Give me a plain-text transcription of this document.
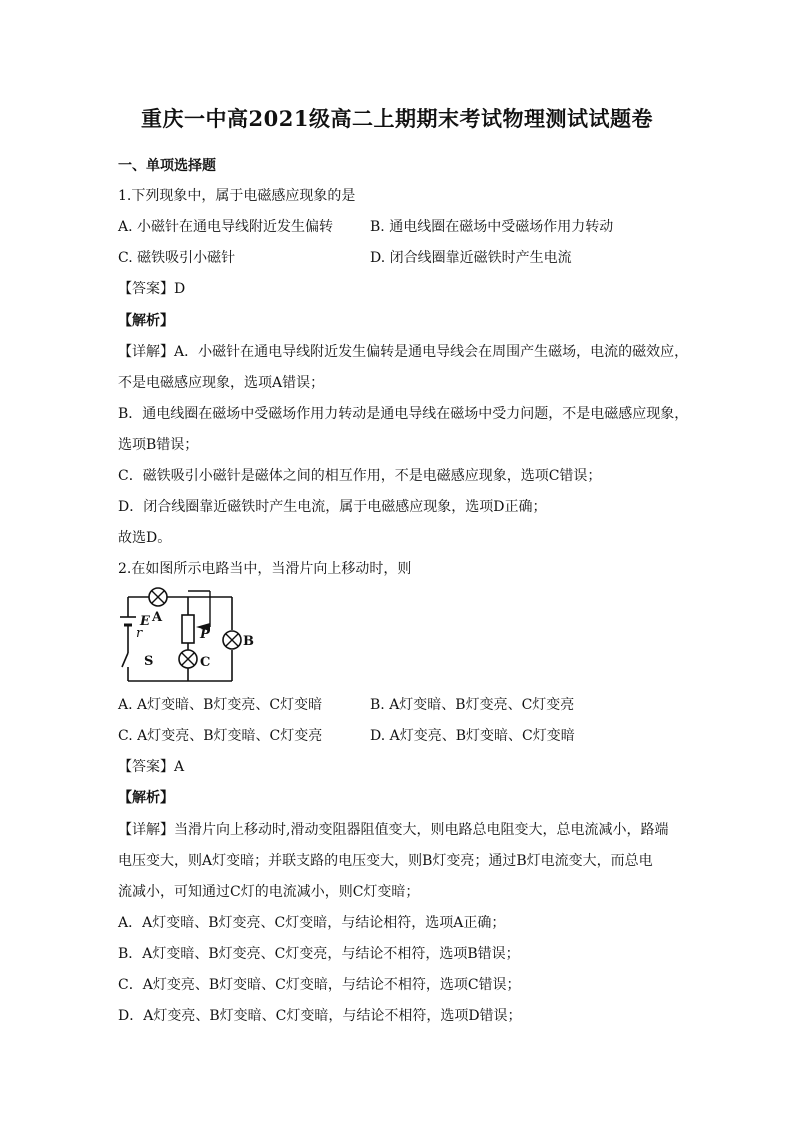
重庆一中高2021级高二上期期末考试物理测试试题卷
一、单项选择题
1.下列现象中，属于电磁感应现象的是
A. 小磁针在通电导线附近发生偏转	B. 通电线圈在磁场中受磁场作用力转动
C. 磁铁吸引小磁针	D. 闭合线圈靠近磁铁时产生电流
【答案】D
【解析】
【详解】A．小磁针在通电导线附近发生偏转是通电导线会在周围产生磁场，电流的磁效应，
不是电磁感应现象，选项A错误；
B．通电线圈在磁场中受磁场作用力转动是通电导线在磁场中受力问题，不是电磁感应现象，
选项B错误；
C．磁铁吸引小磁针是磁体之间的相互作用，不是电磁感应现象，选项C错误；
D．闭合线圈靠近磁铁时产生电流，属于电磁感应现象，选项D正确；
故选D。
2.在如图所示电路当中，当滑片向上移动时，则
A
B
C
E
r	P
S
A. A灯变暗、B灯变亮、C灯变暗	B. A灯变暗、B灯变亮、C灯变亮
C. A灯变亮、B灯变暗、C灯变亮	D. A灯变亮、B灯变暗、C灯变暗
【答案】A
【解析】
【详解】当滑片向上移动时,滑动变阻器阻值变大，则电路总电阻变大，总电流减小，路端
电压变大，则A灯变暗；并联支路的电压变大，则B灯变亮；通过B灯电流变大，而总电
流减小，可知通过C灯的电流减小，则C灯变暗；
A．A灯变暗、B灯变亮、C灯变暗，与结论相符，选项A正确；
B．A灯变暗、B灯变亮、C灯变亮，与结论不相符，选项B错误；
C．A灯变亮、B灯变暗、C灯变暗，与结论不相符，选项C错误；
D．A灯变亮、B灯变暗、C灯变暗，与结论不相符，选项D错误；
